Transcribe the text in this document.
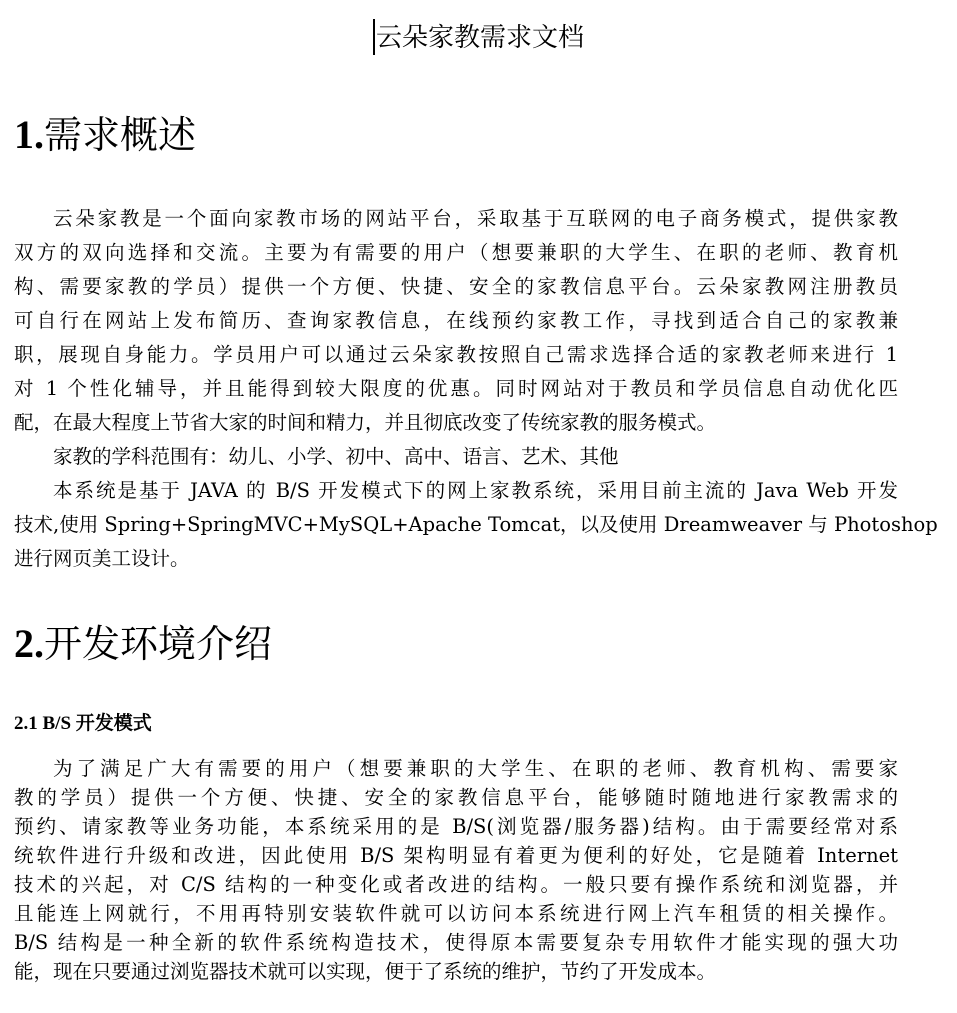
云朵家教需求文档
1.需求概述
云朵家教是一个面向家教市场的网站平台，采取基于互联网的电子商务模式，提供家教
双方的双向选择和交流。主要为有需要的用户（想要兼职的大学生、在职的老师、教育机
构、需要家教的学员）提供一个方便、快捷、安全的家教信息平台。云朵家教网注册教员
可自行在网站上发布简历、查询家教信息，在线预约家教工作，寻找到适合自己的家教兼
职，展现自身能力。学员用户可以通过云朵家教按照自己需求选择合适的家教老师来进行 1
对 1 个性化辅导，并且能得到较大限度的优惠。同时网站对于教员和学员信息自动优化匹
配，在最大程度上节省大家的时间和精力，并且彻底改变了传统家教的服务模式。
家教的学科范围有：幼儿、小学、初中、高中、语言、艺术、其他
本系统是基于 JAVA 的 B/S 开发模式下的网上家教系统，采用目前主流的 Java Web 开发
技术,使用 Spring+SpringMVC+MySQL+Apache Tomcat，以及使用 Dreamweaver 与 Photoshop
进行网页美工设计。
2.开发环境介绍
2.1 B/S 开发模式
为了满足广大有需要的用户（想要兼职的大学生、在职的老师、教育机构、需要家
教的学员）提供一个方便、快捷、安全的家教信息平台，能够随时随地进行家教需求的
预约、请家教等业务功能，本系统采用的是 B/S(浏览器/服务器)结构。由于需要经常对系
统软件进行升级和改进，因此使用 B/S 架构明显有着更为便利的好处，它是随着 Internet
技术的兴起，对 C/S 结构的一种变化或者改进的结构。一般只要有操作系统和浏览器，并
且能连上网就行，不用再特别安装软件就可以访问本系统进行网上汽车租赁的相关操作。
B/S 结构是一种全新的软件系统构造技术，使得原本需要复杂专用软件才能实现的强大功
能，现在只要通过浏览器技术就可以实现，便于了系统的维护，节约了开发成本。
